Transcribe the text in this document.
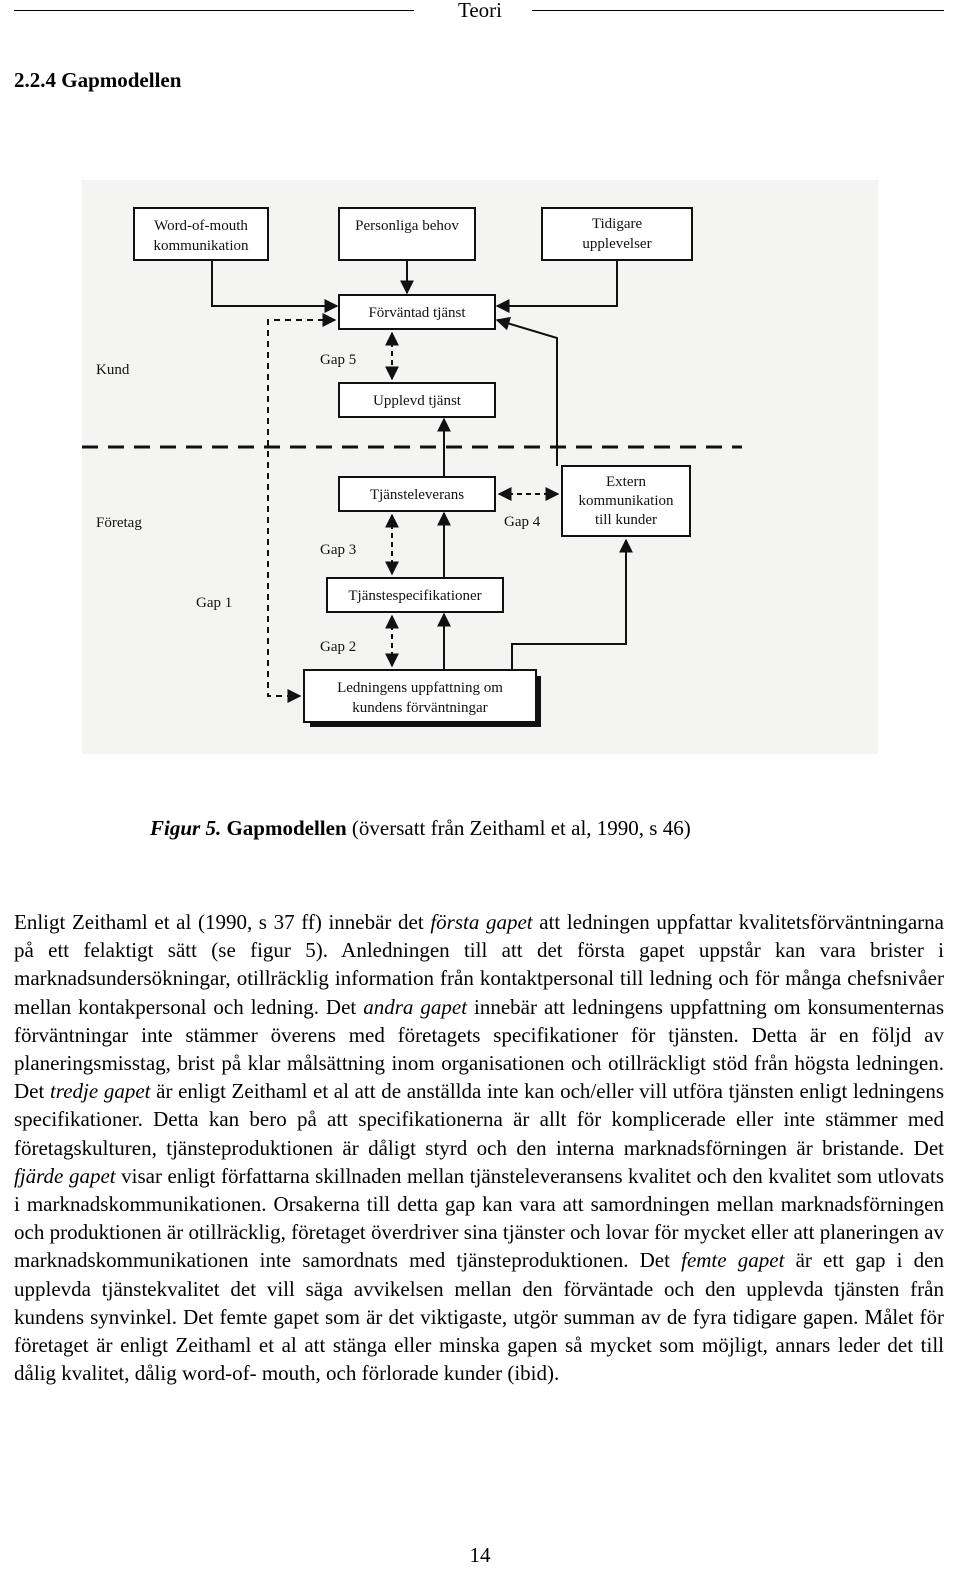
Teori
2.2.4 Gapmodellen
Kund
Företag
Word-of-mouth
kommunikation
Personliga behov	Tidigare
upplevelser
Förväntad tjänst
Upplevd tjänst
Gap 5
Tjänsteleverans
Extern
kommunikation
till kunder
Gap 4
Tjänstespecifikationer
Gap 3
Ledningens uppfattning om
kundens förväntningar
Gap 2
Gap 1
Figur 5. Gapmodellen (översatt från Zeithaml et al, 1990, s 46)

Enligt Zeithaml et al (1990, s 37 ff) innebär det första gapet att ledningen uppfattar kvalitetsförväntningarna på ett felaktigt sätt (se figur 5). Anledningen till att det första gapet uppstår kan vara brister i marknadsundersökningar, otillräcklig information från kontaktpersonal till ledning och för många chefsnivåer mellan kontakpersonal och ledning. Det andra gapet innebär att ledningens uppfattning om konsumenternas förväntningar inte stämmer överens med företagets specifikationer för tjänsten. Detta är en följd av planeringsmisstag, brist på klar målsättning inom organisationen och otillräckligt stöd från högsta ledningen. Det tredje gapet är enligt Zeithaml et al att de anställda inte kan och/eller vill utföra tjänsten enligt ledningens specifikationer. Detta kan bero på att specifikationerna är allt för komplicerade eller inte stämmer med företagskulturen, tjänsteproduktionen är dåligt styrd och den interna marknadsförningen är bristande. Det fjärde gapet visar enligt författarna skillnaden mellan tjänsteleveransens kvalitet och den kvalitet som utlovats i marknadskommunikationen. Orsakerna till detta gap kan vara att samordningen mellan marknadsförningen och produktionen är otillräcklig, företaget överdriver sina tjänster och lovar för mycket eller att planeringen av marknadskommunikationen inte samordnats med tjänsteproduktionen. Det femte gapet är ett gap i den upplevda tjänstekvalitet det vill säga avvikelsen mellan den förväntade och den upplevda tjänsten från kundens synvinkel. Det femte gapet som är det viktigaste, utgör summan av de fyra tidigare gapen. Målet för företaget är enligt Zeithaml et al att stänga eller minska gapen så mycket som möjligt, annars leder det till dålig kvalitet, dålig word-of- mouth, och förlorade kunder (ibid).

14
